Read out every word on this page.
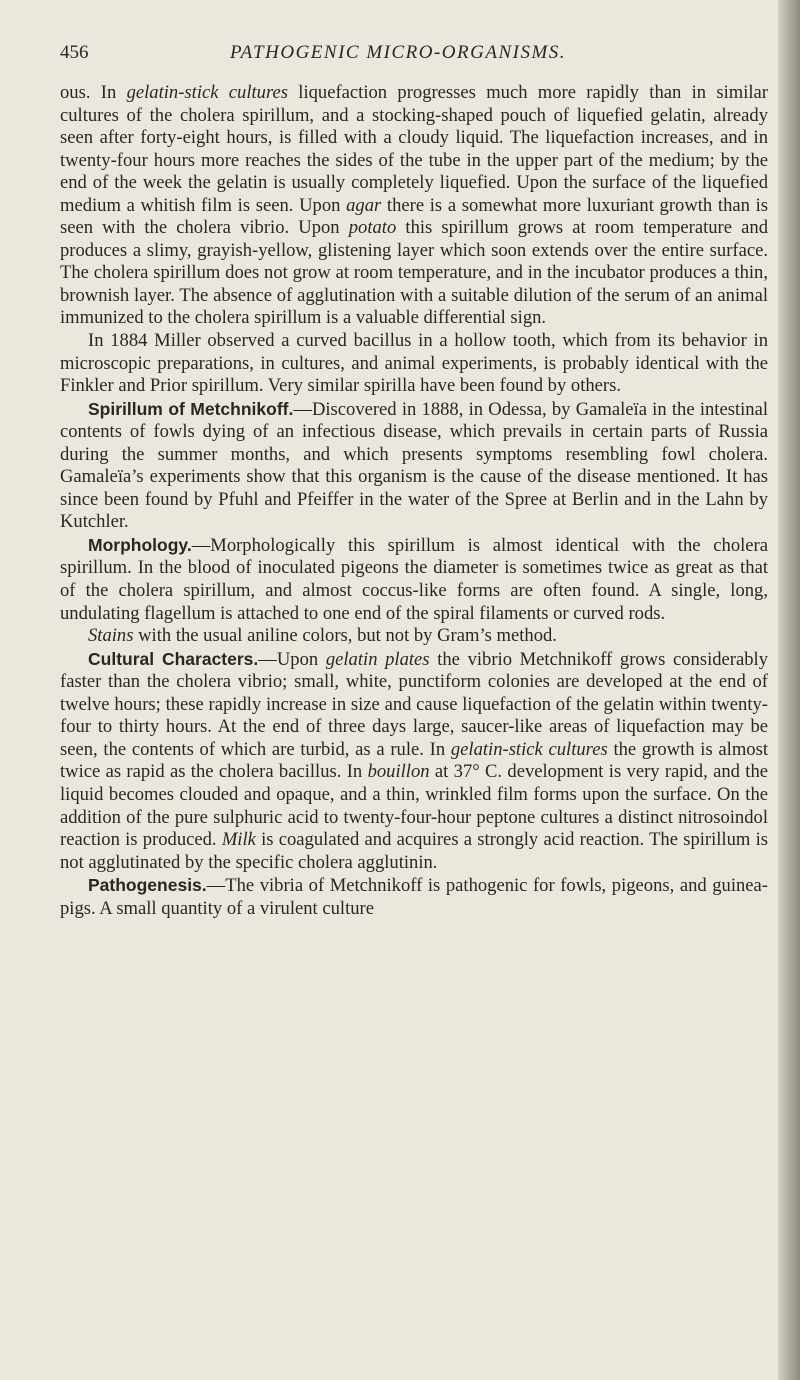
456	PATHOGENIC MICRO-ORGANISMS.

ous. In gelatin-stick cultures liquefaction progresses much more rapidly than in similar cultures of the cholera spirillum, and a stocking-shaped pouch of liquefied gelatin, already seen after forty-eight hours, is filled with a cloudy liquid. The liquefaction increases, and in twenty-four hours more reaches the sides of the tube in the upper part of the medium; by the end of the week the gelatin is usually completely liquefied. Upon the surface of the liquefied medium a whitish film is seen. Upon agar there is a somewhat more luxuriant growth than is seen with the cholera vibrio. Upon potato this spirillum grows at room temperature and produces a slimy, grayish-yellow, glistening layer which soon extends over the entire surface. The cholera spirillum does not grow at room temperature, and in the incubator produces a thin, brownish layer. The absence of agglutination with a suitable dilution of the serum of an animal immunized to the cholera spirillum is a valuable differential sign.

In 1884 Miller observed a curved bacillus in a hollow tooth, which from its behavior in microscopic preparations, in cultures, and animal experiments, is probably identical with the Finkler and Prior spirillum. Very similar spirilla have been found by others.

Spirillum of Metchnikoff.—Discovered in 1888, in Odessa, by Gamaleïa in the intestinal contents of fowls dying of an infectious disease, which prevails in certain parts of Russia during the summer months, and which presents symptoms resembling fowl cholera. Gamaleïa’s experiments show that this organism is the cause of the disease mentioned. It has since been found by Pfuhl and Pfeiffer in the water of the Spree at Berlin and in the Lahn by Kutchler.

Morphology.—Morphologically this spirillum is almost identical with the cholera spirillum. In the blood of inoculated pigeons the diameter is sometimes twice as great as that of the cholera spirillum, and almost coccus-like forms are often found. A single, long, undulating flagellum is attached to one end of the spiral filaments or curved rods.

Stains with the usual aniline colors, but not by Gram’s method.

Cultural Characters.—Upon gelatin plates the vibrio Metchnikoff grows considerably faster than the cholera vibrio; small, white, punctiform colonies are developed at the end of twelve hours; these rapidly increase in size and cause liquefaction of the gelatin within twenty-four to thirty hours. At the end of three days large, saucer-like areas of liquefaction may be seen, the contents of which are turbid, as a rule. In gelatin-stick cultures the growth is almost twice as rapid as the cholera bacillus. In bouillon at 37° C. development is very rapid, and the liquid becomes clouded and opaque, and a thin, wrinkled film forms upon the surface. On the addition of the pure sulphuric acid to twenty-four-hour peptone cultures a distinct nitrosoindol reaction is produced. Milk is coagulated and acquires a strongly acid reaction. The spirillum is not agglutinated by the specific cholera agglutinin.

Pathogenesis.—The vibria of Metchnikoff is pathogenic for fowls, pigeons, and guinea-pigs. A small quantity of a virulent culture
